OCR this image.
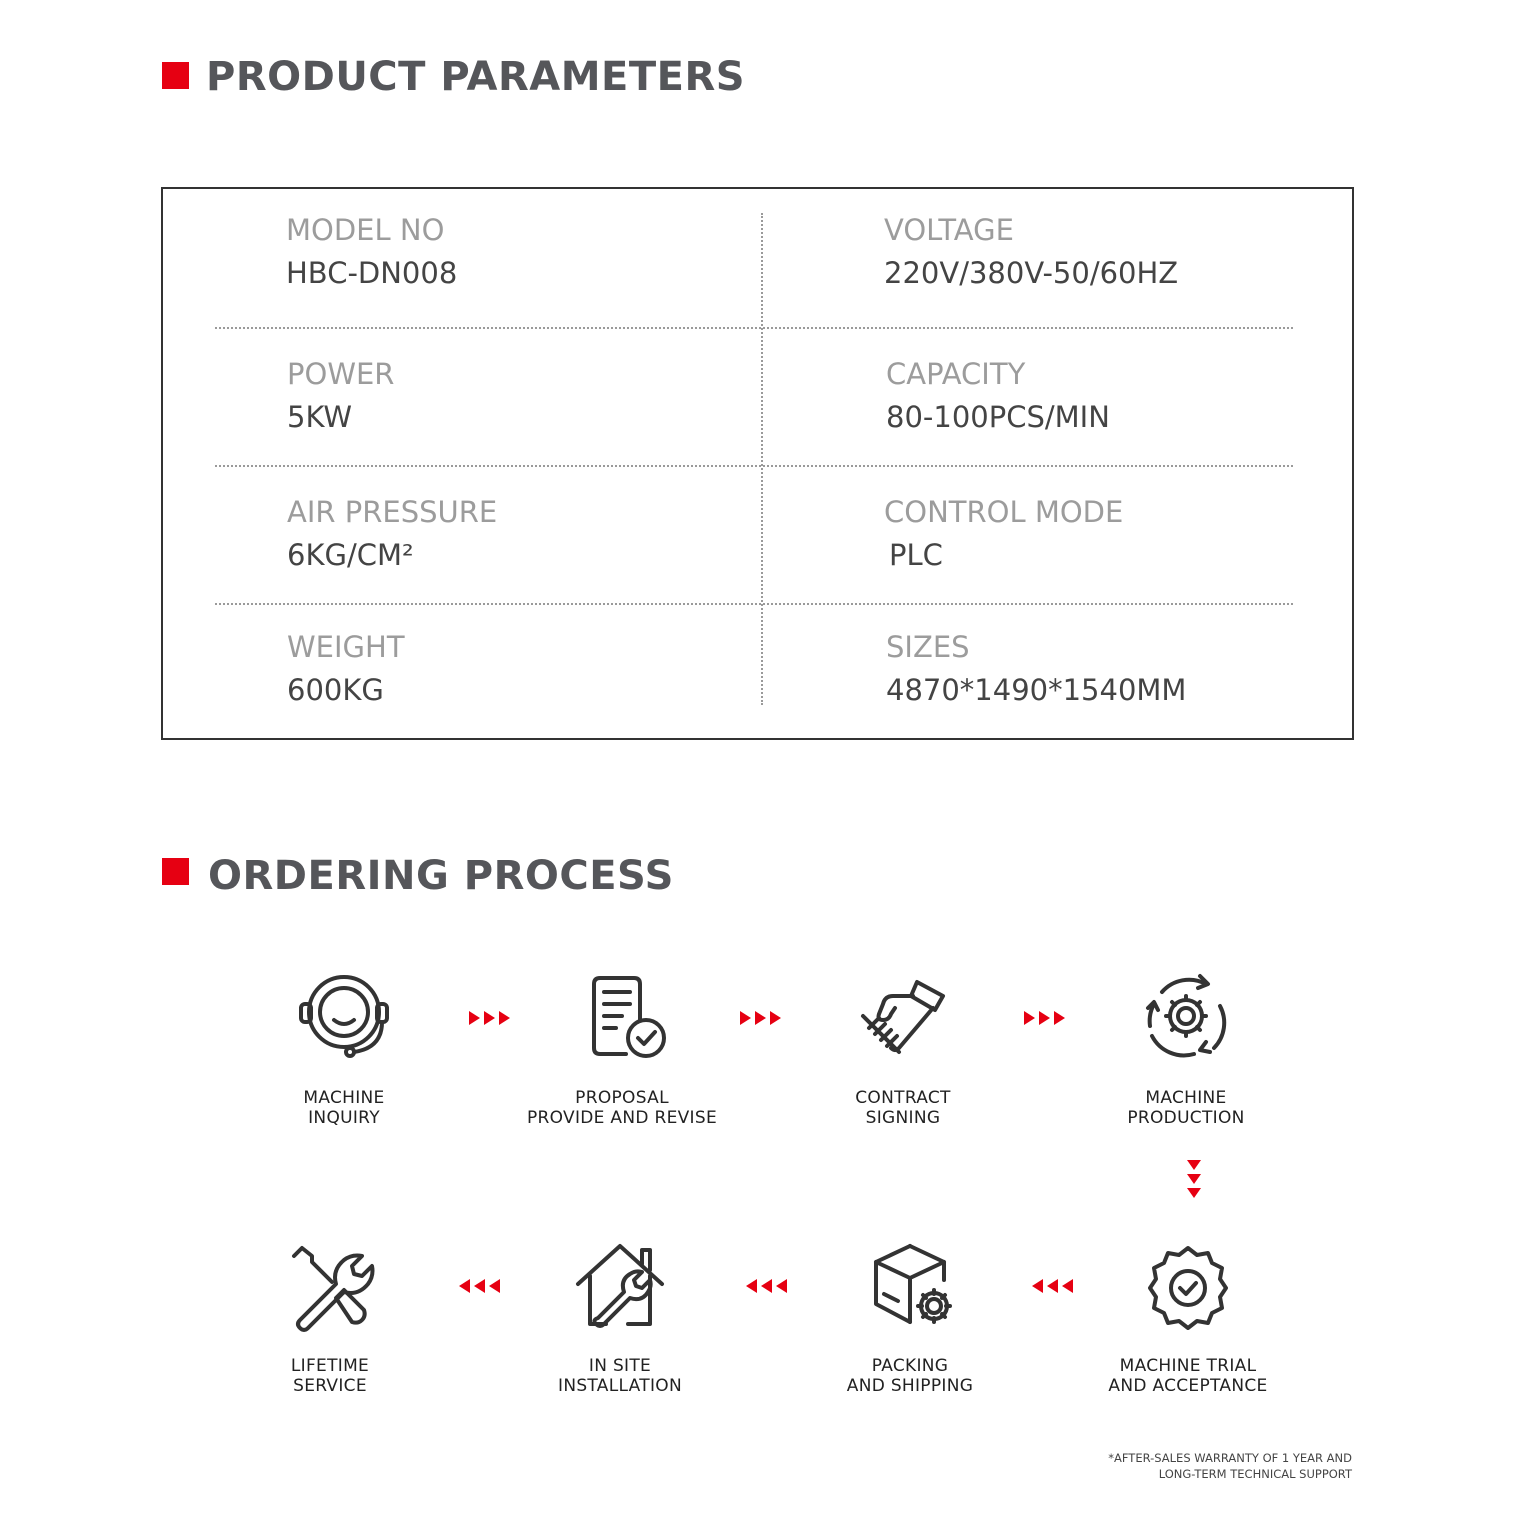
PRODUCT PARAMETERS
MODEL NO
HBC-DN008
VOLTAGE
220V/380V-50/60HZ
POWER
5KW
CAPACITY
80-100PCS/MIN
AIR PRESSURE
6KG/CM²
CONTROL MODE
PLC
WEIGHT
600KG
SIZES
4870*1490*1540MM
ORDERING PROCESS
MACHINE
INQUIRY
PROPOSAL
PROVIDE AND REVISE
CONTRACT
SIGNING
MACHINE
PRODUCTION
MACHINE TRIAL
AND ACCEPTANCE
PACKING
AND SHIPPING
IN SITE
INSTALLATION
LIFETIME
SERVICE
*AFTER-SALES WARRANTY OF 1 YEAR AND
LONG-TERM TECHNICAL SUPPORT
